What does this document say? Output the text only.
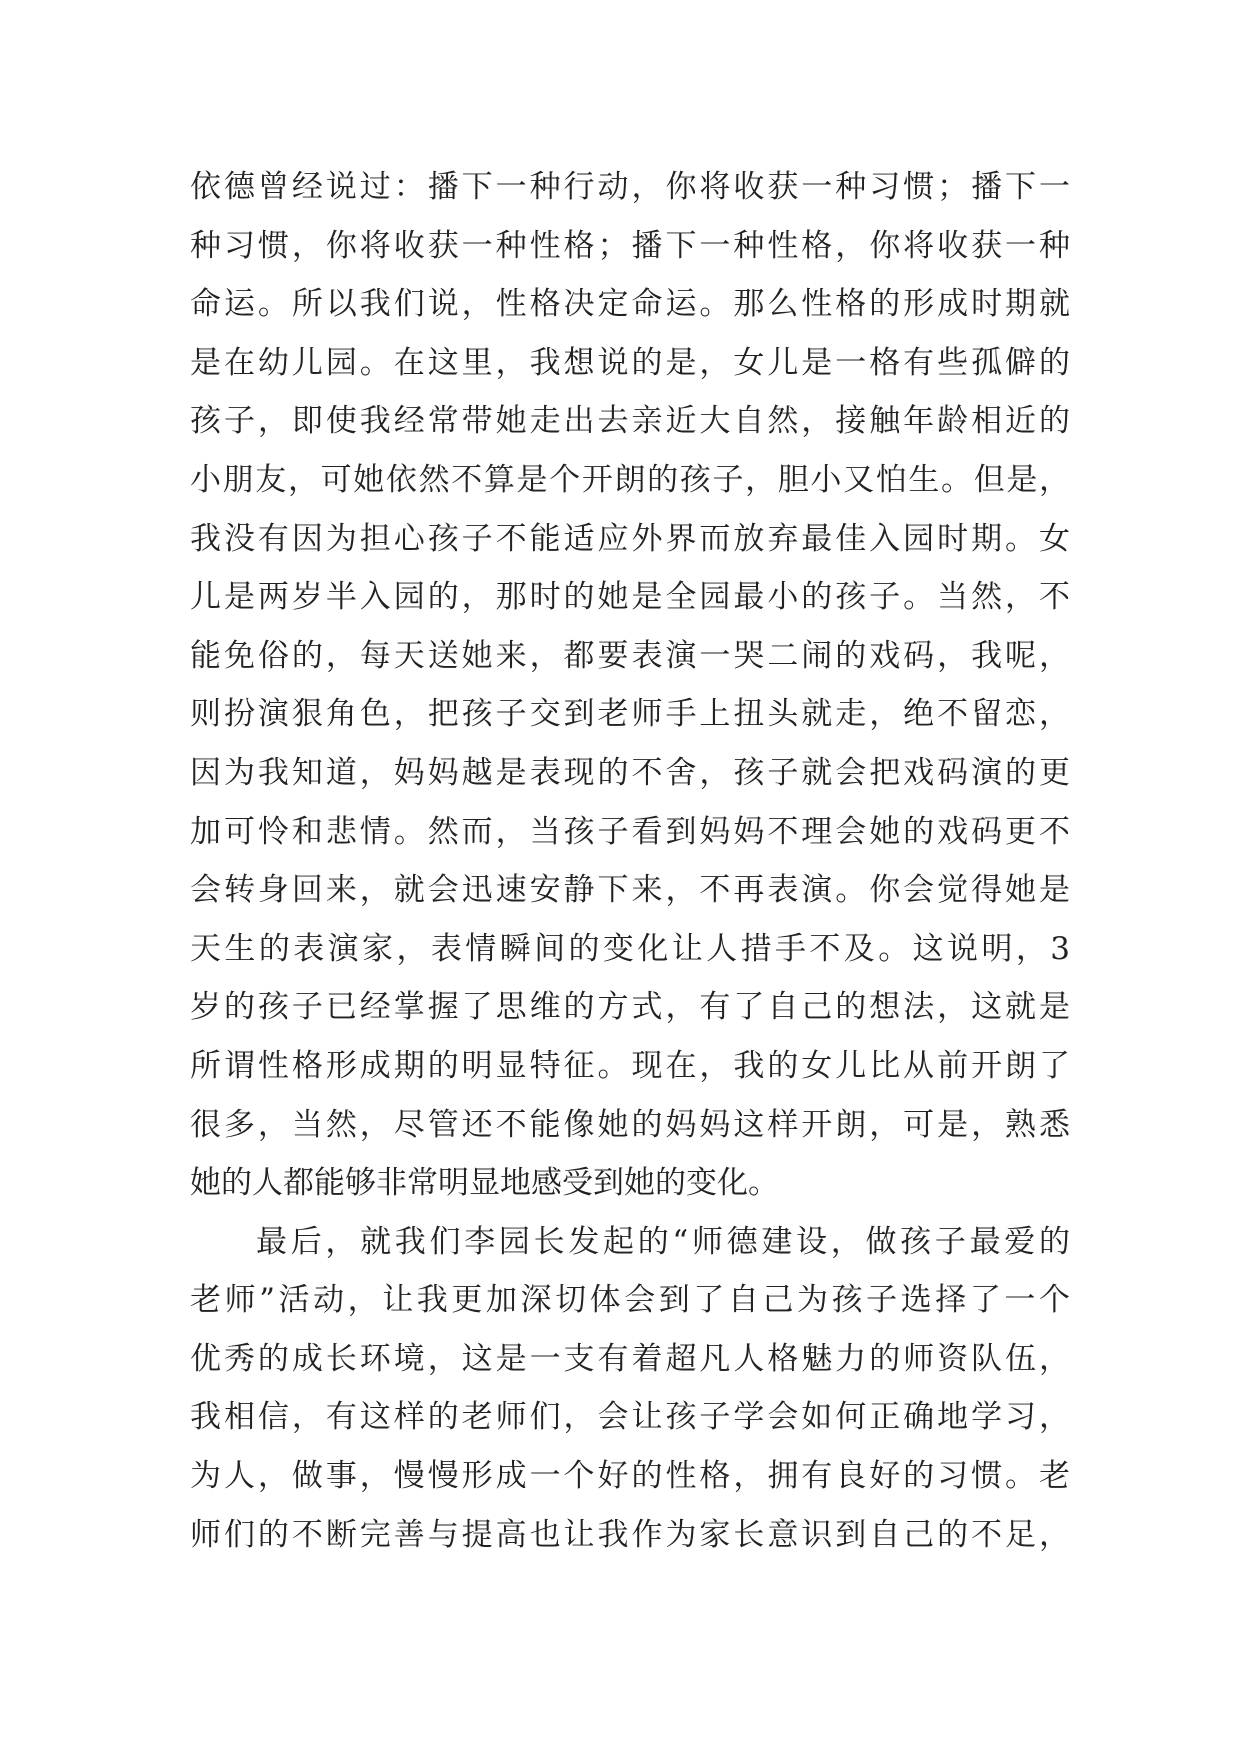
依德曾经说过：播下一种行动，你将收获一种习惯；播下一
种习惯，你将收获一种性格；播下一种性格，你将收获一种
命运。所以我们说，性格决定命运。那么性格的形成时期就
是在幼儿园。在这里，我想说的是，女儿是一格有些孤僻的
孩子，即使我经常带她走出去亲近大自然，接触年龄相近的
小朋友，可她依然不算是个开朗的孩子，胆小又怕生。但是，
我没有因为担心孩子不能适应外界而放弃最佳入园时期。女
儿是两岁半入园的，那时的她是全园最小的孩子。当然，不
能免俗的，每天送她来，都要表演一哭二闹的戏码，我呢，
则扮演狠角色，把孩子交到老师手上扭头就走，绝不留恋，
因为我知道，妈妈越是表现的不舍，孩子就会把戏码演的更
加可怜和悲情。然而，当孩子看到妈妈不理会她的戏码更不
会转身回来，就会迅速安静下来，不再表演。你会觉得她是
天生的表演家，表情瞬间的变化让人措手不及。这说明，3
岁的孩子已经掌握了思维的方式，有了自己的想法，这就是
所谓性格形成期的明显特征。现在，我的女儿比从前开朗了
很多，当然，尽管还不能像她的妈妈这样开朗，可是，熟悉
她的人都能够非常明显地感受到她的变化。
最后，就我们李园长发起的“师德建设，做孩子最爱的
老师”活动，让我更加深切体会到了自己为孩子选择了一个
优秀的成长环境，这是一支有着超凡人格魅力的师资队伍，
我相信，有这样的老师们，会让孩子学会如何正确地学习，
为人，做事，慢慢形成一个好的性格，拥有良好的习惯。老
师们的不断完善与提高也让我作为家长意识到自己的不足，
